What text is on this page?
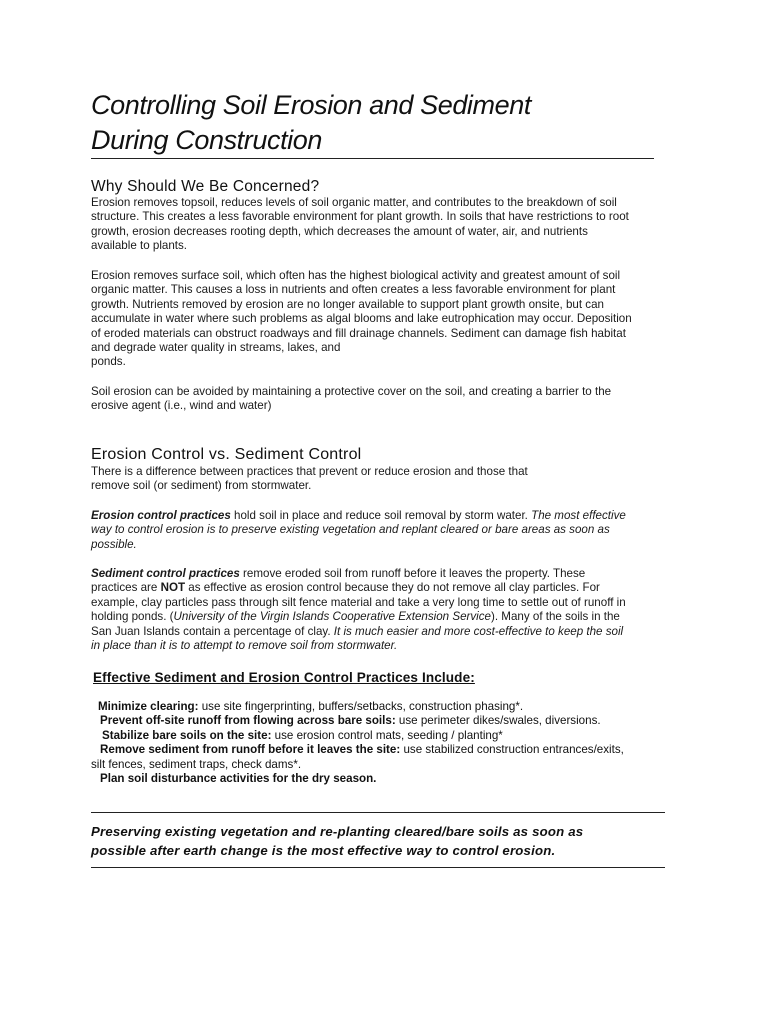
Controlling Soil Erosion and Sediment
During Construction
Why Should We Be Concerned?

Erosion removes topsoil, reduces levels of soil organic matter, and contributes to the breakdown of soil
structure. This creates a less favorable environment for plant growth. In soils that have restrictions to root
growth, erosion decreases rooting depth, which decreases the amount of water, air, and nutrients
available to plants.

Erosion removes surface soil, which often has the highest biological activity and greatest amount of soil
organic matter. This causes a loss in nutrients and often creates a less favorable environment for plant
growth. Nutrients removed by erosion are no longer available to support plant growth onsite, but can
accumulate in water where such problems as algal blooms and lake eutrophication may occur. Deposition
of eroded materials can obstruct roadways and fill drainage channels. Sediment can damage fish habitat
and degrade water quality in streams, lakes, and
ponds.

Soil erosion can be avoided by maintaining a protective cover on the soil, and creating a barrier to the
erosive agent (i.e., wind and water)

Erosion Control vs. Sediment Control

There is a difference between practices that prevent or reduce erosion and those that
remove soil (or sediment) from stormwater.

Erosion control practices hold soil in place and reduce soil removal by storm water. The most effective
way to control erosion is to preserve existing vegetation and replant cleared or bare areas as soon as
possible.

Sediment control practices remove eroded soil from runoff before it leaves the property. These
practices are NOT as effective as erosion control because they do not remove all clay particles. For
example, clay particles pass through silt fence material and take a very long time to settle out of runoff in
holding ponds. (University of the Virgin Islands Cooperative Extension Service). Many of the soils in the
San Juan Islands contain a percentage of clay. It is much easier and more cost-effective to keep the soil
in place than it is to attempt to remove soil from stormwater.

Effective Sediment and Erosion Control Practices Include:
Minimize clearing: use site fingerprinting, buffers/setbacks, construction phasing*.
Prevent off-site runoff from flowing across bare soils: use perimeter dikes/swales, diversions.
Stabilize bare soils on the site: use erosion control mats, seeding / planting*
Remove sediment from runoff before it leaves the site: use stabilized construction entrances/exits,
silt fences, sediment traps, check dams*.
Plan soil disturbance activities for the dry season.

Preserving existing vegetation and re-planting cleared/bare soils as soon as
possible after earth change is the most effective way to control erosion.
